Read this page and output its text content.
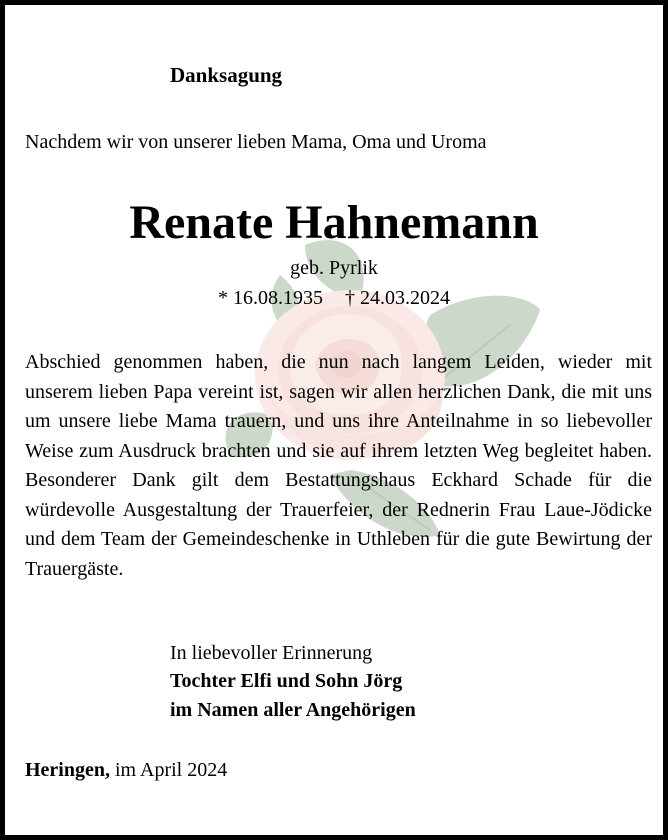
Danksagung

Nachdem wir von unserer lieben Mama, Oma und Uroma

Renate Hahnemann

geb. Pyrlik

* 16.08.1935 † 24.03.2024

Abschied genommen haben, die nun nach langem Leiden, wieder mit unserem lieben Papa vereint ist, sagen wir allen herzlichen Dank, die mit uns um unsere liebe Mama trauern, und uns ihre Anteilnahme in so liebevoller Weise zum Ausdruck brachten und sie auf ihrem letzten Weg begleitet haben. Besonderer Dank gilt dem Bestattungshaus Eckhard Schade für die würdevolle Ausgestaltung der Trauerfeier, der Rednerin Frau Laue-Jödicke und dem Team der Gemeindeschenke in Uthleben für die gute Bewirtung der Trauergäste.

In liebevoller Erinnerung

Tochter Elfi und Sohn Jörg

im Namen aller Angehörigen

Heringen, im April 2024
